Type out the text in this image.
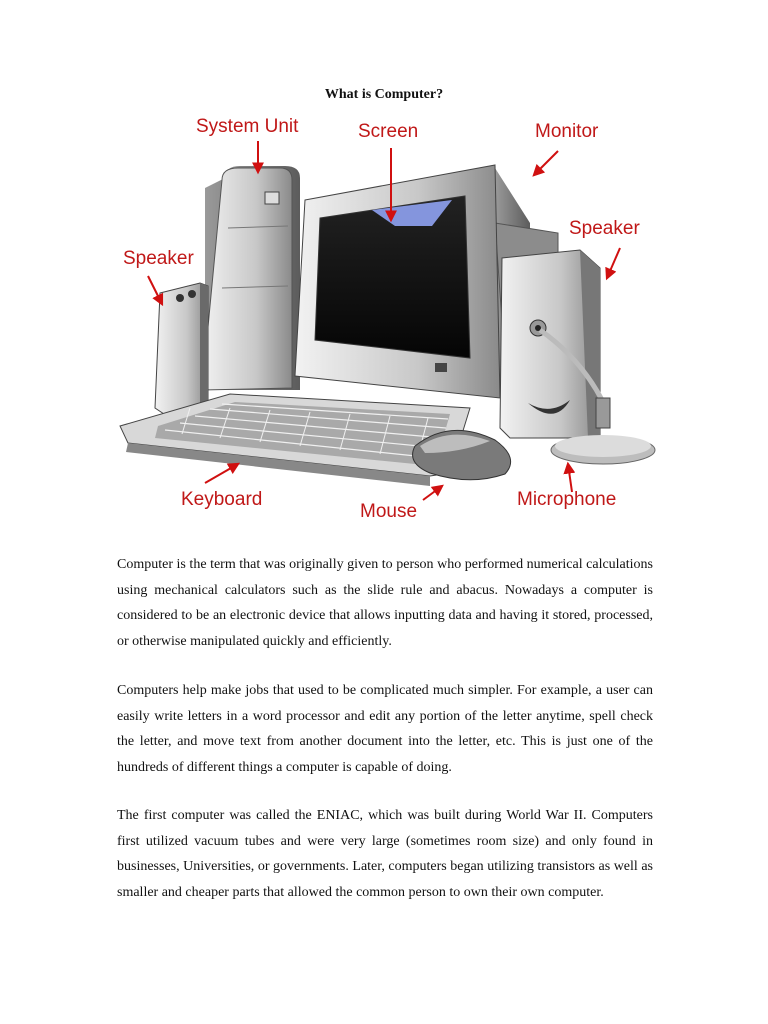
What is Computer?
System Unit	Screen	Monitor
Speaker
Speaker
Keyboard
Mouse
Microphone

Computer is the term that was originally given to person who performed numerical calculations using mechanical calculators such as the slide rule and abacus. Nowadays a computer is considered to be an electronic device that allows inputting data and having it stored, processed, or otherwise manipulated quickly and efficiently.

Computers help make jobs that used to be complicated much simpler. For example, a user can easily write letters in a word processor and edit any portion of the letter anytime, spell check the letter, and move text from another document into the letter, etc. This is just one of the hundreds of different things a computer is capable of doing.

The first computer was called the ENIAC, which was built during World War II. Computers first utilized vacuum tubes and were very large (sometimes room size) and only found in businesses, Universities, or governments. Later, computers began utilizing transistors as well as smaller and cheaper parts that allowed the common person to own their own computer.
